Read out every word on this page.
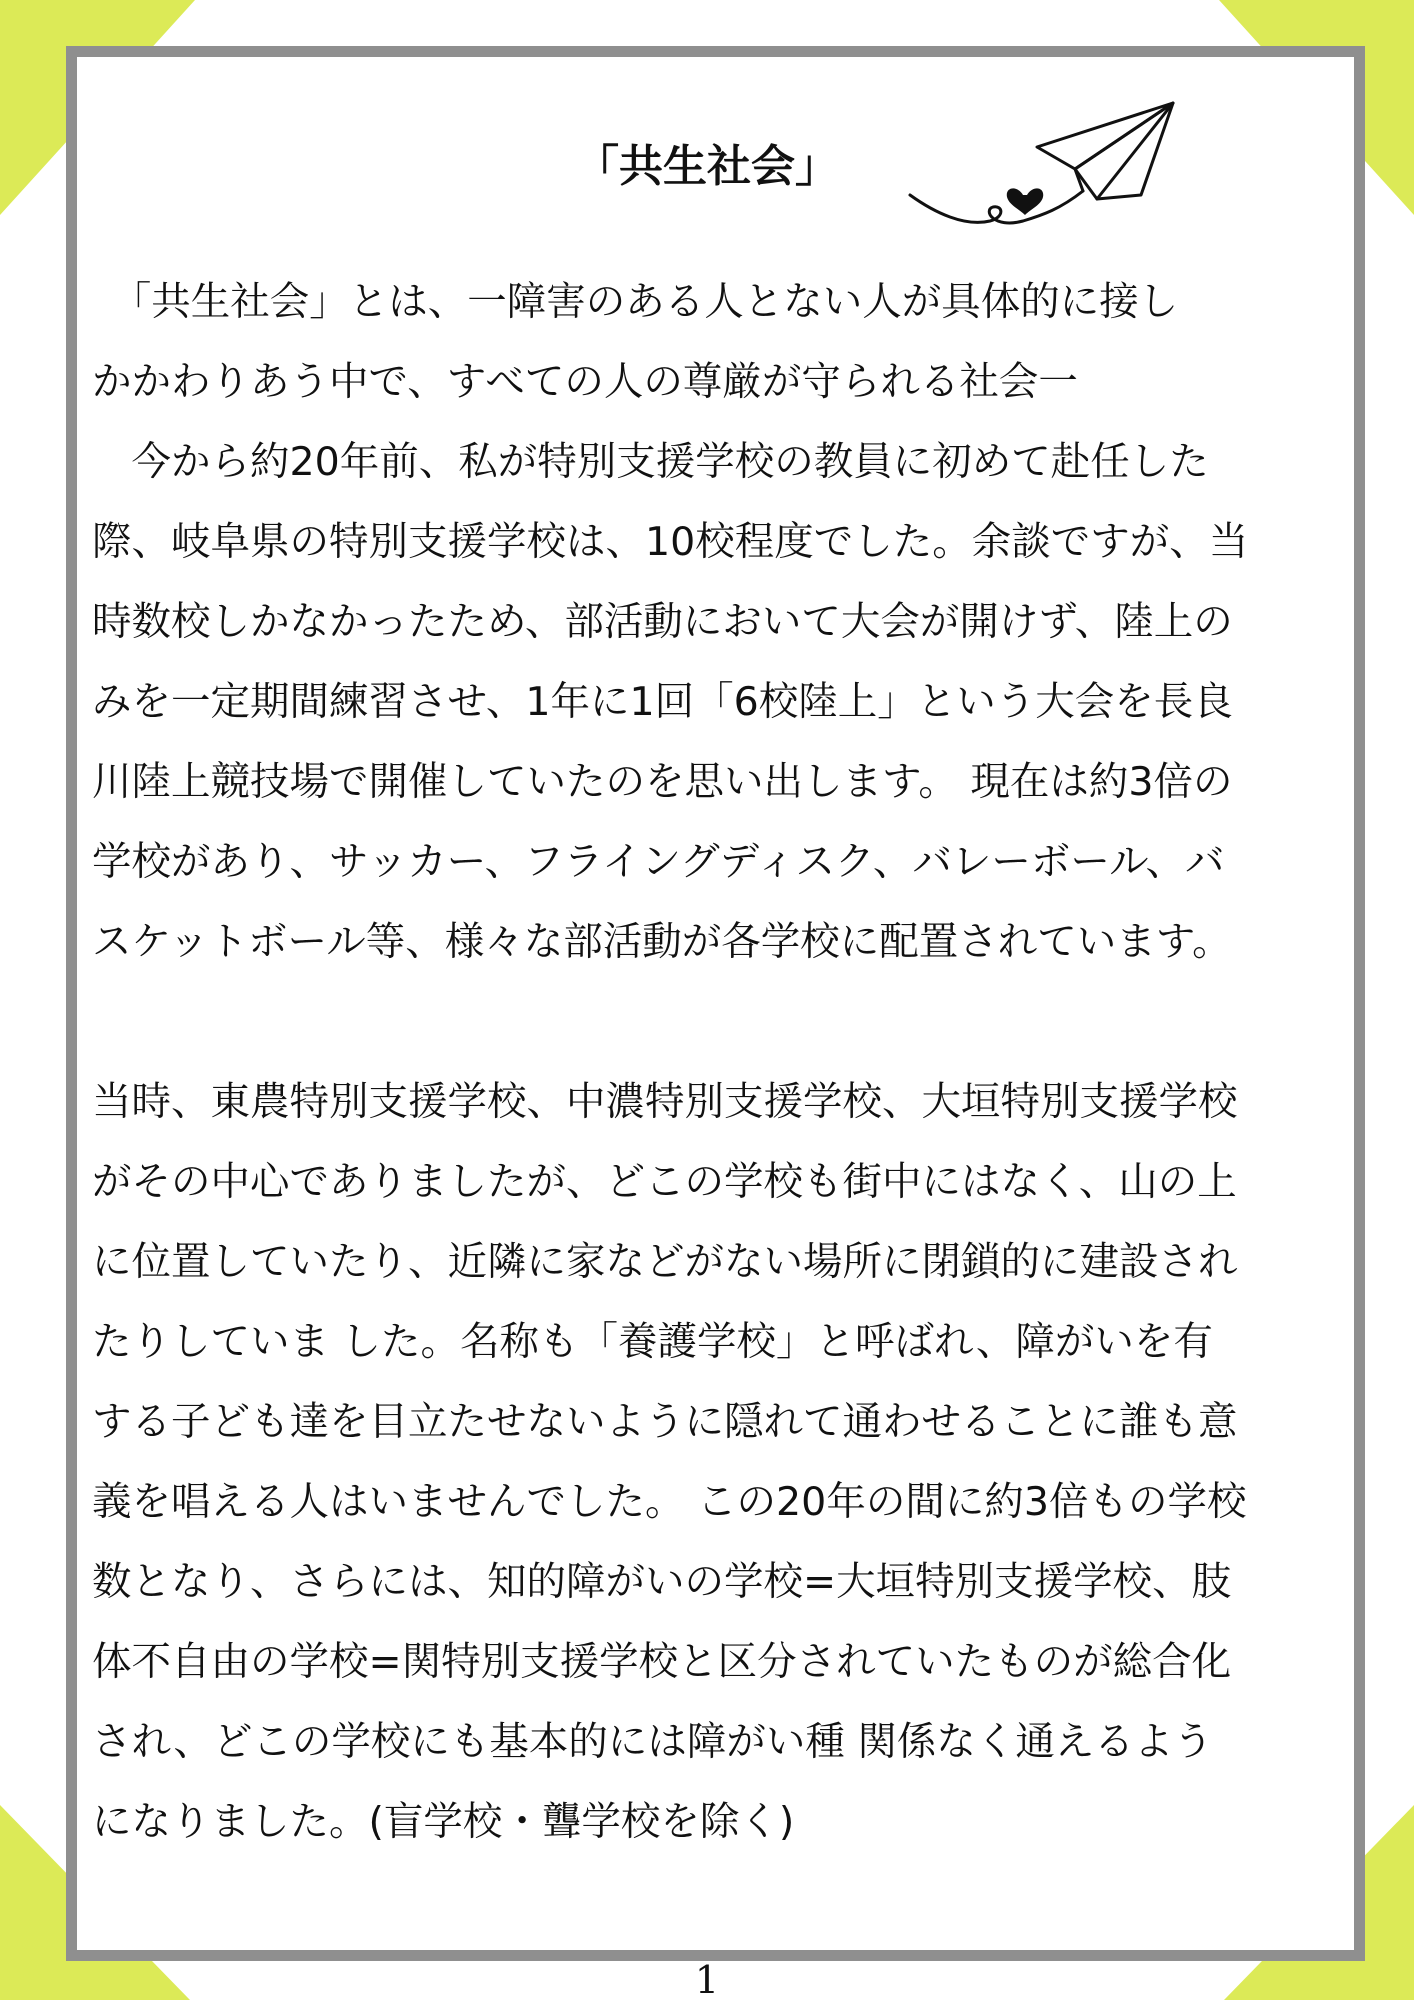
「共生社会」
　「共生社会」とは、一障害のある人とない人が具体的に接し
かかわりあう中で、すべての人の尊厳が守られる社会一
　今から約20年前、私が特別支援学校の教員に初めて赴任した
際、岐阜県の特別支援学校は、10校程度でした。余談ですが、当
時数校しかなかったため、部活動において大会が開けず、陸上の
みを一定期間練習させ、1年に1回「6校陸上」という大会を長良
川陸上競技場で開催していたのを思い出します。 現在は約3倍の
学校があり、サッカー、フライングディスク、バレーボール、バ
スケットボール等、様々な部活動が各学校に配置されています。
当時、東農特別支援学校、中濃特別支援学校、大垣特別支援学校
がその中心でありましたが、どこの学校も街中にはなく、山の上
に位置していたり、近隣に家などがない場所に閉鎖的に建設され
たりしていま した。名称も「養護学校」と呼ばれ、障がいを有
する子ども達を目立たせないように隠れて通わせることに誰も意
義を唱える人はいませんでした。 この20年の間に約3倍もの学校
数となり、さらには、知的障がいの学校=大垣特別支援学校、肢
体不自由の学校=関特別支援学校と区分されていたものが総合化
され、どこの学校にも基本的には障がい種 関係なく通えるよう
になりました。(盲学校・聾学校を除く)
1
